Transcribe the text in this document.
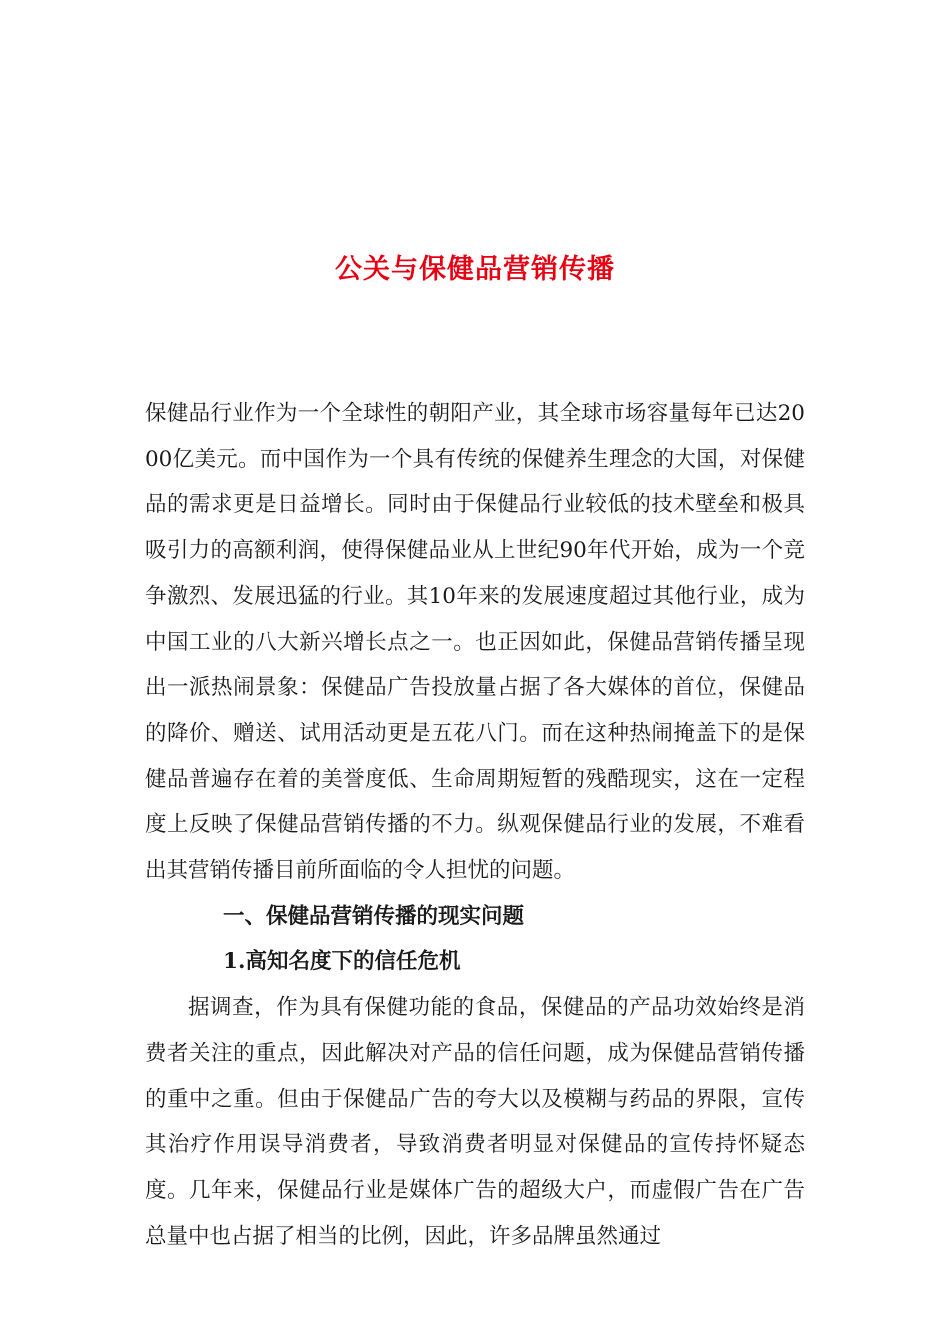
公关与保健品营销传播

保健品行业作为一个全球性的朝阳产业，其全球市场容量每年已达2000亿美元。而中国作为一个具有传统的保健养生理念的大国，对保健品的需求更是日益增长。同时由于保健品行业较低的技术壁垒和极具吸引力的高额利润，使得保健品业从上世纪90年代开始，成为一个竞争激烈、发展迅猛的行业。其10年来的发展速度超过其他行业，成为中国工业的八大新兴增长点之一。也正因如此，保健品营销传播呈现出一派热闹景象：保健品广告投放量占据了各大媒体的首位，保健品的降价、赠送、试用活动更是五花八门。而在这种热闹掩盖下的是保健品普遍存在着的美誉度低、生命周期短暂的残酷现实，这在一定程度上反映了保健品营销传播的不力。纵观保健品行业的发展，不难看出其营销传播目前所面临的令人担忧的问题。

一、保健品营销传播的现实问题

1.高知名度下的信任危机

据调查，作为具有保健功能的食品，保健品的产品功效始终是消费者关注的重点，因此解决对产品的信任问题，成为保健品营销传播的重中之重。但由于保健品广告的夸大以及模糊与药品的界限，宣传其治疗作用误导消费者，导致消费者明显对保健品的宣传持怀疑态度。几年来，保健品行业是媒体广告的超级大户，而虚假广告在广告总量中也占据了相当的比例，因此，许多品牌虽然通过
